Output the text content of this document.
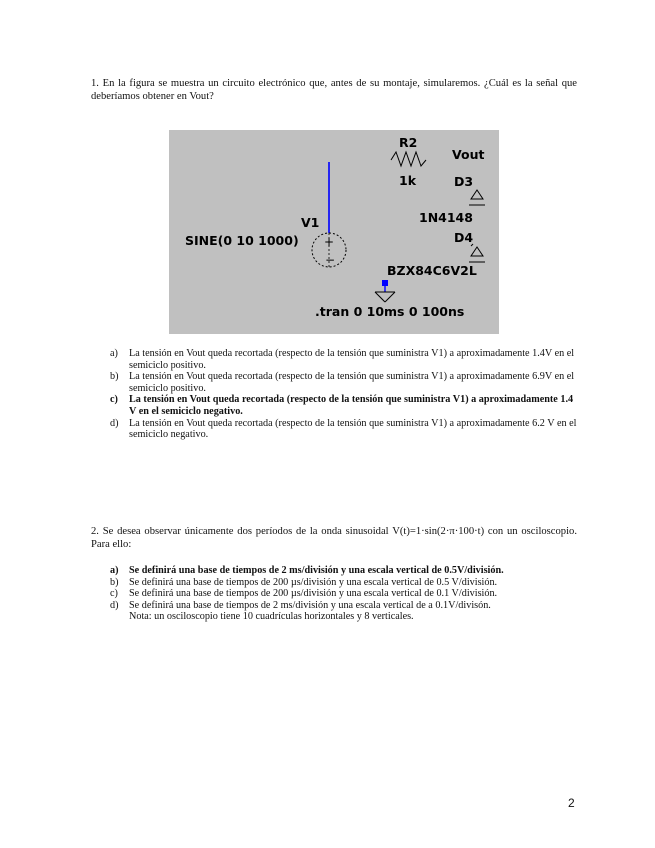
1. En la figura se muestra un circuito electrónico que, antes de su montaje, simularemos. ¿Cuál es la señal que deberíamos obtener en Vout?
+
−
R2
1k
Vout
D3
1N4148
D4
BZX84C6V2L
V1
SINE(0 10 1000)
.tran 0 10ms 0 100ns
a)	La tensión en Vout queda recortada (respecto de la tensión que suministra V1) a aproximadamente 1.4V en el semiciclo positivo.
b)	La tensión en Vout queda recortada (respecto de la tensión que suministra V1) a aproximadamente 6.9V en el semiciclo positivo.
c)	La tensión en Vout queda recortada (respecto de la tensión que suministra V1) a aproximadamente 1.4 V en el semiciclo negativo.
d)	La tensión en Vout queda recortada (respecto de la tensión que suministra V1) a aproximadamente 6.2 V en el semiciclo negativo.
2. Se desea observar únicamente dos períodos de la onda sinusoidal V(t)=1·sin(2·π·100·t) con un osciloscopio. Para ello:
a)	Se definirá una base de tiempos de 2 ms/división y una escala vertical de 0.5V/división.
b)	Se definirá una base de tiempos de 200 µs/división y una escala vertical de 0.5 V/división.
c)	Se definirá una base de tiempos de 200 µs/división y una escala vertical de 0.1 V/división.
d)	Se definirá una base de tiempos de 2 ms/división y una escala vertical de a 0.1V/divisón.
Nota: un osciloscopio tiene 10 cuadrículas horizontales y 8 verticales.
2
